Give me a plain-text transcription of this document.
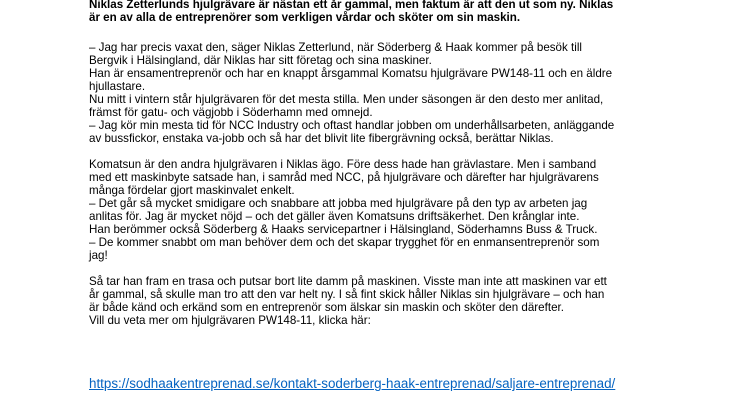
Niklas Zetterlunds hjulgrävare är nästan ett år gammal, men faktum är att den ut som ny. Niklas
är en av alla de entreprenörer som verkligen vårdar och sköter om sin maskin.
– Jag har precis vaxat den, säger Niklas Zetterlund, när Söderberg & Haak kommer på besök till
Bergvik i Hälsingland, där Niklas har sitt företag och sina maskiner.
Han är ensamentreprenör och har en knappt årsgammal Komatsu hjulgrävare PW148-11 och en äldre
hjullastare.
Nu mitt i vintern står hjulgrävaren för det mesta stilla. Men under säsongen är den desto mer anlitad,
främst för gatu- och vägjobb i Söderhamn med omnejd.
– Jag kör min mesta tid för NCC Industry och oftast handlar jobben om underhållsarbeten, anläggande
av bussfickor, enstaka va-jobb och så har det blivit lite fibergrävning också, berättar Niklas.
Komatsun är den andra hjulgrävaren i Niklas ägo. Före dess hade han grävlastare. Men i samband
med ett maskinbyte satsade han, i samråd med NCC, på hjulgrävare och därefter har hjulgrävarens
många fördelar gjort maskinvalet enkelt.
– Det går så mycket smidigare och snabbare att jobba med hjulgrävare på den typ av arbeten jag
anlitas för. Jag är mycket nöjd – och det gäller även Komatsuns driftsäkerhet. Den krånglar inte.
Han berömmer också Söderberg & Haaks servicepartner i Hälsingland, Söderhamns Buss & Truck.
– De kommer snabbt om man behöver dem och det skapar trygghet för en enmansentreprenör som
jag!
Så tar han fram en trasa och putsar bort lite damm på maskinen. Visste man inte att maskinen var ett
år gammal, så skulle man tro att den var helt ny. I så fint skick håller Niklas sin hjulgrävare – och han
är både känd och erkänd som en entreprenör som älskar sin maskin och sköter den därefter.
Vill du veta mer om hjulgrävaren PW148-11, klicka här:
https://sodhaakentreprenad.se/kontakt-soderberg-haak-entreprenad/saljare-entreprenad/
